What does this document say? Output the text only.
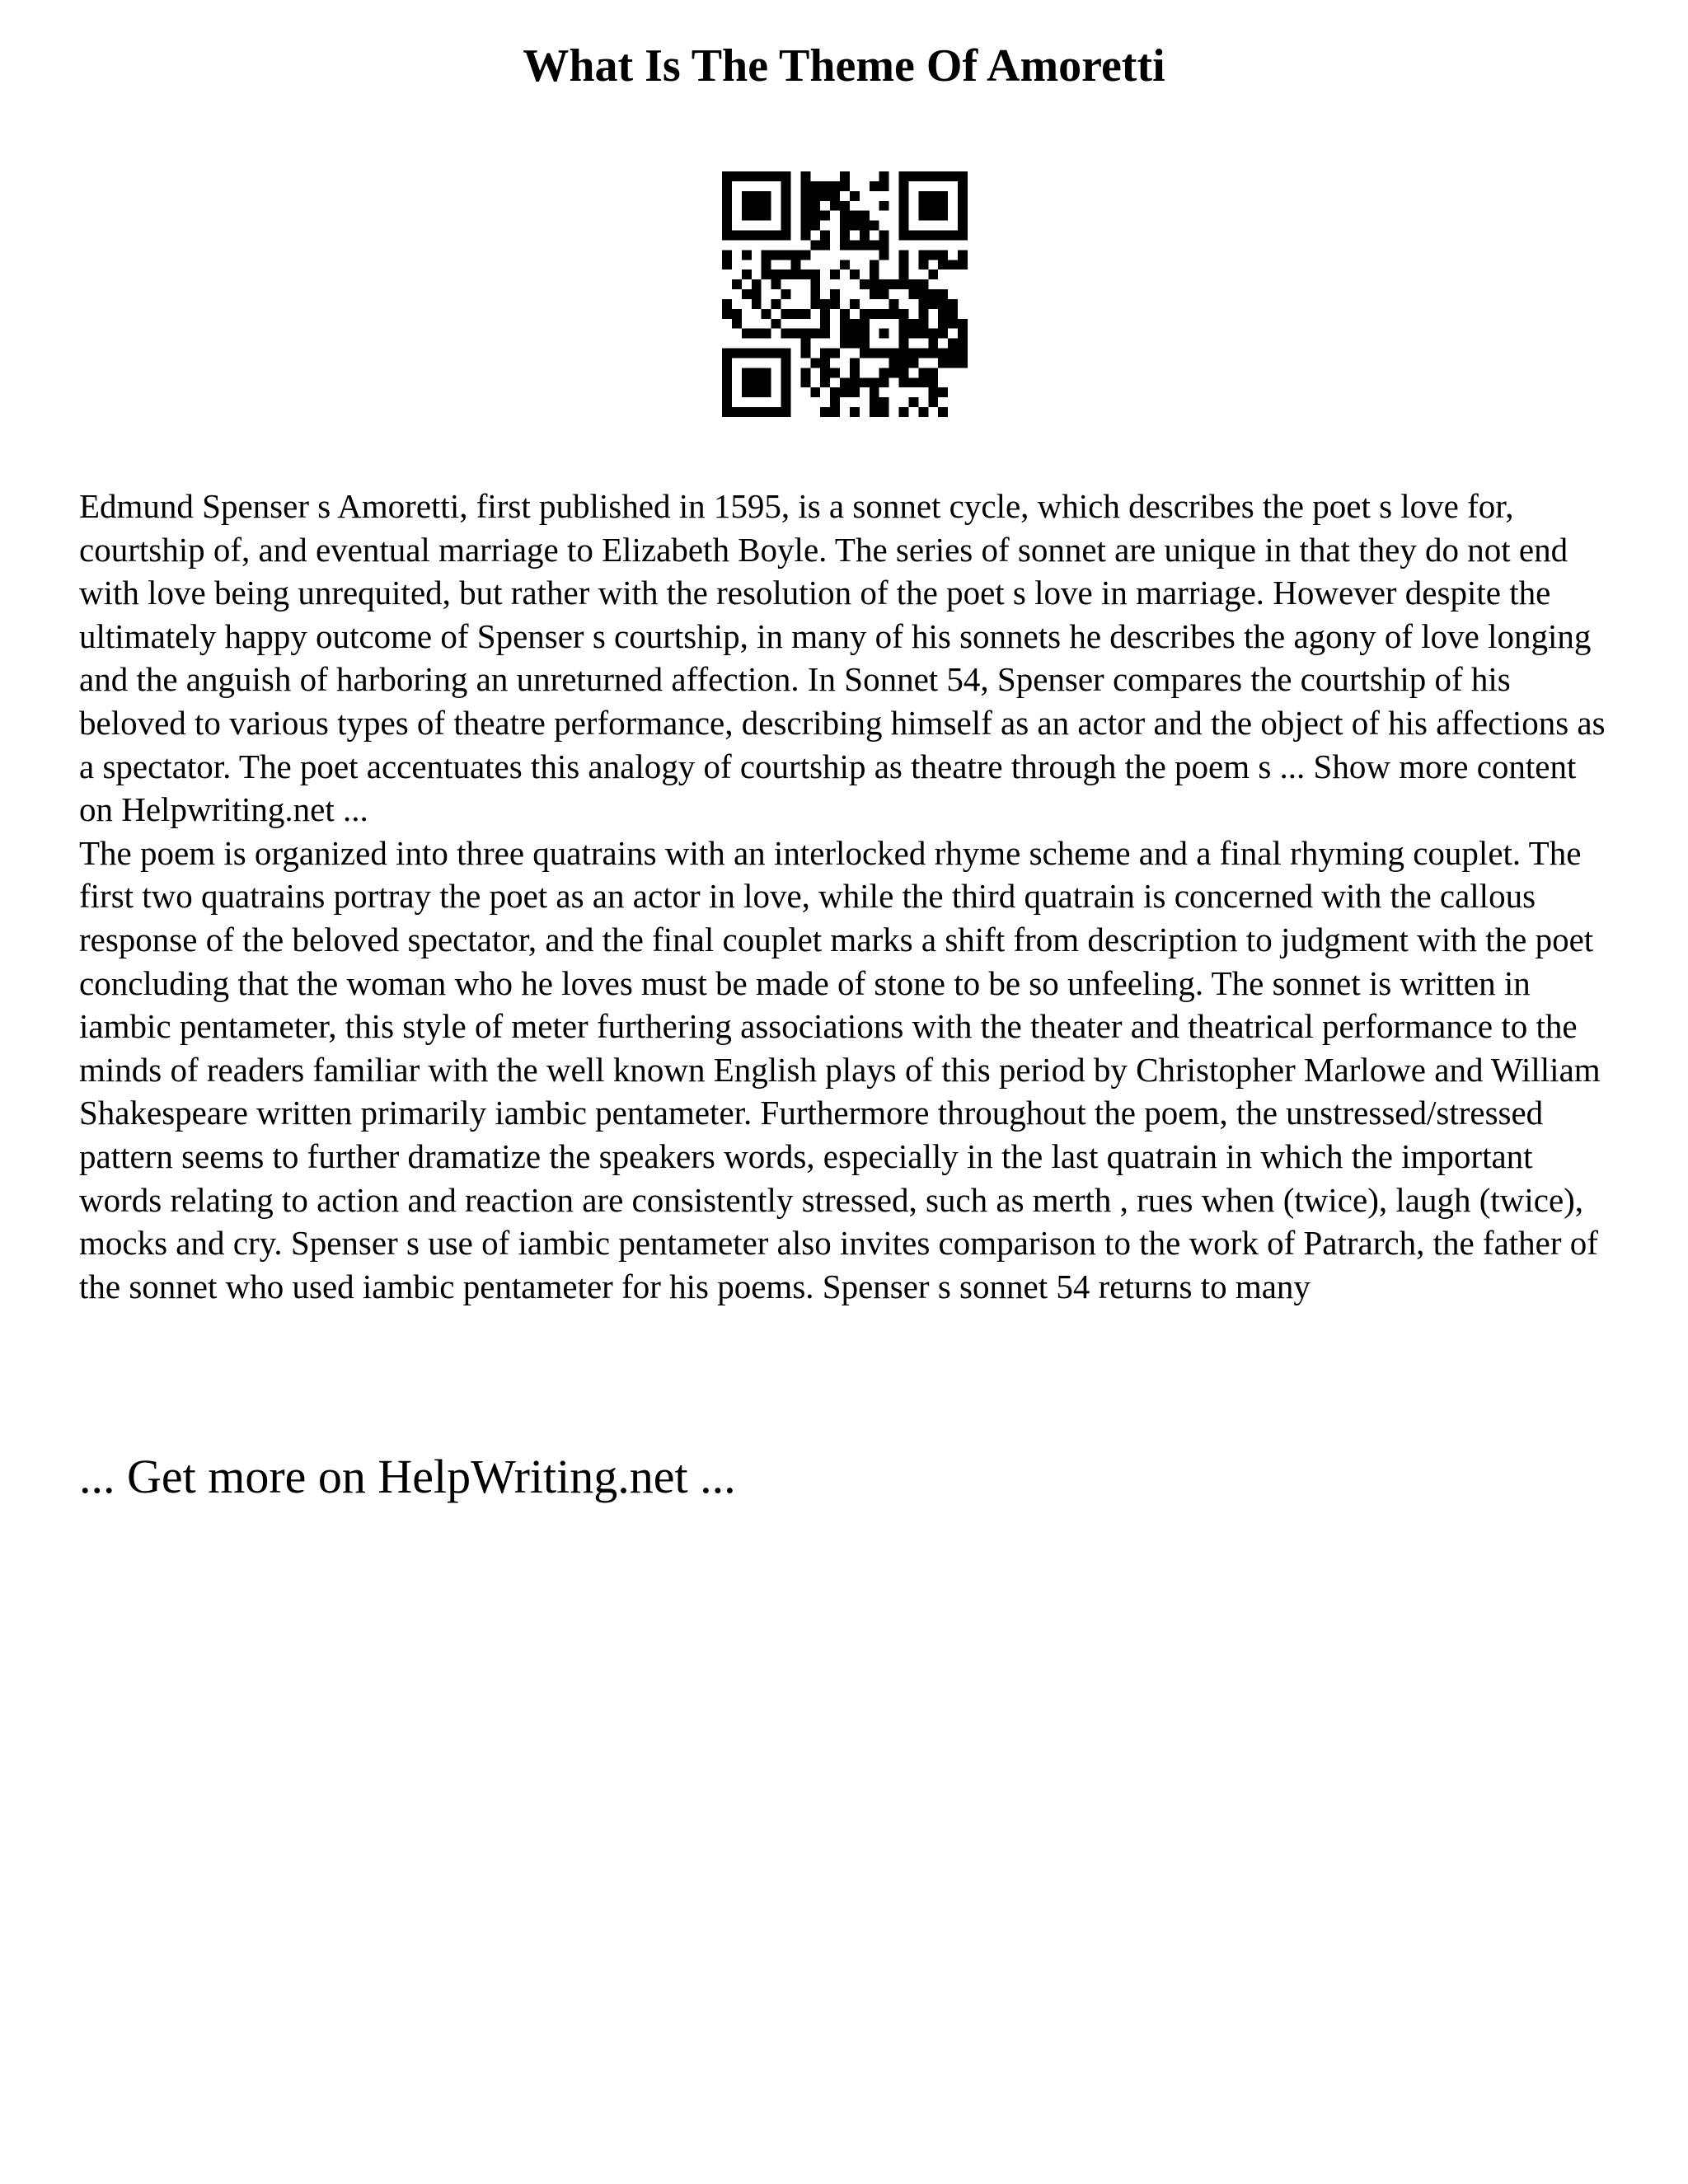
What Is The Theme Of Amoretti
Edmund Spenser s Amoretti, first published in 1595, is a sonnet cycle, which describes the poet s love for, courtship of, and eventual marriage to Elizabeth Boyle. The series of sonnet are unique in that they do not end with love being unrequited, but rather with the resolution of the poet s love in marriage. However despite the ultimately happy outcome of Spenser s courtship, in many of his sonnets he describes the agony of love longing and the anguish of harboring an unreturned affection. In Sonnet 54, Spenser compares the courtship of his beloved to various types of theatre performance, describing himself as an actor and the object of his affections as a spectator. The poet accentuates this analogy of courtship as theatre through the poem s ... Show more content on Helpwriting.net ...
The poem is organized into three quatrains with an interlocked rhyme scheme and a final rhyming couplet. The first two quatrains portray the poet as an actor in love, while the third quatrain is concerned with the callous response of the beloved spectator, and the final couplet marks a shift from description to judgment with the poet concluding that the woman who he loves must be made of stone to be so unfeeling. The sonnet is written in iambic pentameter, this style of meter furthering associations with the theater and theatrical performance to the minds of readers familiar with the well known English plays of this period by Christopher Marlowe and William Shakespeare written primarily iambic pentameter. Furthermore throughout the poem, the unstressed/stressed pattern seems to further dramatize the speakers words, especially in the last quatrain in which the important words relating to action and reaction are consistently stressed, such as merth , rues when (twice), laugh (twice), mocks and cry. Spenser s use of iambic pentameter also invites comparison to the work of Patrarch, the father of the sonnet who used iambic pentameter for his poems. Spenser s sonnet 54 returns to many

... Get more on HelpWriting.net ...
